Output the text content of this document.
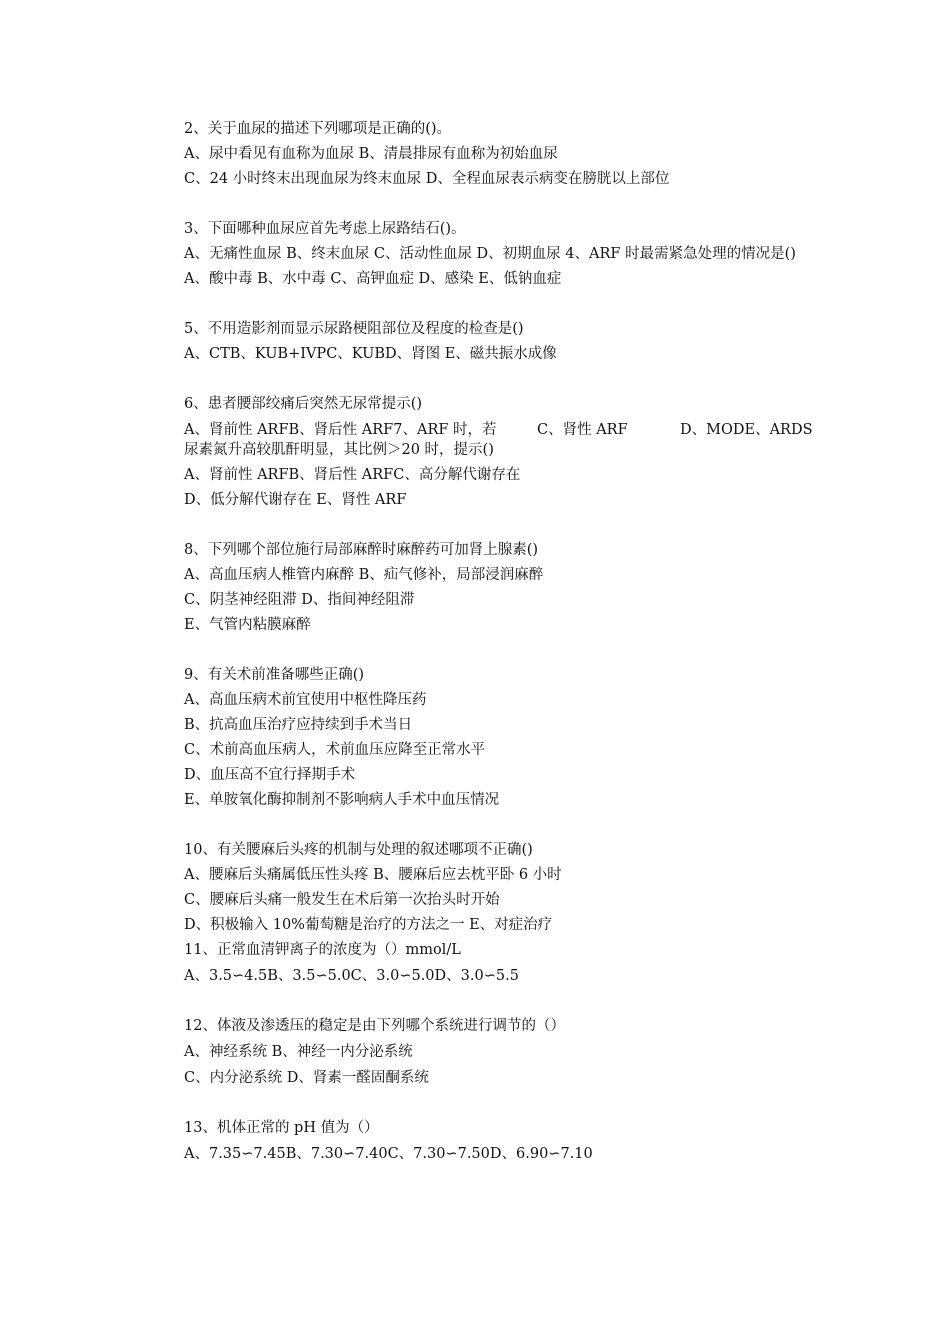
2、关于血尿的描述下列哪项是正确的()。
A、尿中看见有血称为血尿 B、清晨排尿有血称为初始血尿
C、24 小时终末出现血尿为终末血尿 D、全程血尿表示病变在膀胱以上部位
3、下面哪种血尿应首先考虑上尿路结石()。
A、无痛性血尿 B、终末血尿 C、活动性血尿 D、初期血尿 4、ARF 时最需紧急处理的情况是()
A、酸中毒 B、水中毒 C、高钾血症 D、感染 E、低钠血症
5、不用造影剂而显示尿路梗阻部位及程度的检查是()
A、CTB、KUB+IVPC、KUBD、肾图 E、磁共振水成像
6、患者腰部绞痛后突然无尿常提示()
A、肾前性 ARFB、肾后性 ARF7、ARF 时，若	C、肾性 ARF	D、MODE、ARDS
尿素氮升高较肌酐明显，其比例＞20 时，提示()
A、肾前性 ARFB、肾后性 ARFC、高分解代谢存在
D、低分解代谢存在 E、肾性 ARF
8、下列哪个部位施行局部麻醉时麻醉药可加肾上腺素()
A、高血压病人椎管内麻醉 B、疝气修补，局部浸润麻醉
C、阴茎神经阻滞 D、指间神经阻滞
E、气管内粘膜麻醉
9、有关术前准备哪些正确()
A、高血压病术前宜使用中枢性降压药
B、抗高血压治疗应持续到手术当日
C、术前高血压病人，术前血压应降至正常水平
D、血压高不宜行择期手术
E、单胺氧化酶抑制剂不影响病人手术中血压情况
10、有关腰麻后头疼的机制与处理的叙述哪项不正确()
A、腰麻后头痛属低压性头疼 B、腰麻后应去枕平卧 6 小时
C、腰麻后头痛一般发生在术后第一次抬头时开始
D、积极输入 10%葡萄糖是治疗的方法之一 E、对症治疗
11、正常血清钾离子的浓度为（）mmol/L
A、3.5∽4.5B、3.5∽5.0C、3.0∽5.0D、3.0∽5.5
12、体液及渗透压的稳定是由下列哪个系统进行调节的（）
A、神经系统 B、神经一内分泌系统
C、内分泌系统 D、肾素一醛固酮系统
13、机体正常的 pH 值为（）
A、7.35∽7.45B、7.30∽7.40C、7.30∽7.50D、6.90∽7.10
